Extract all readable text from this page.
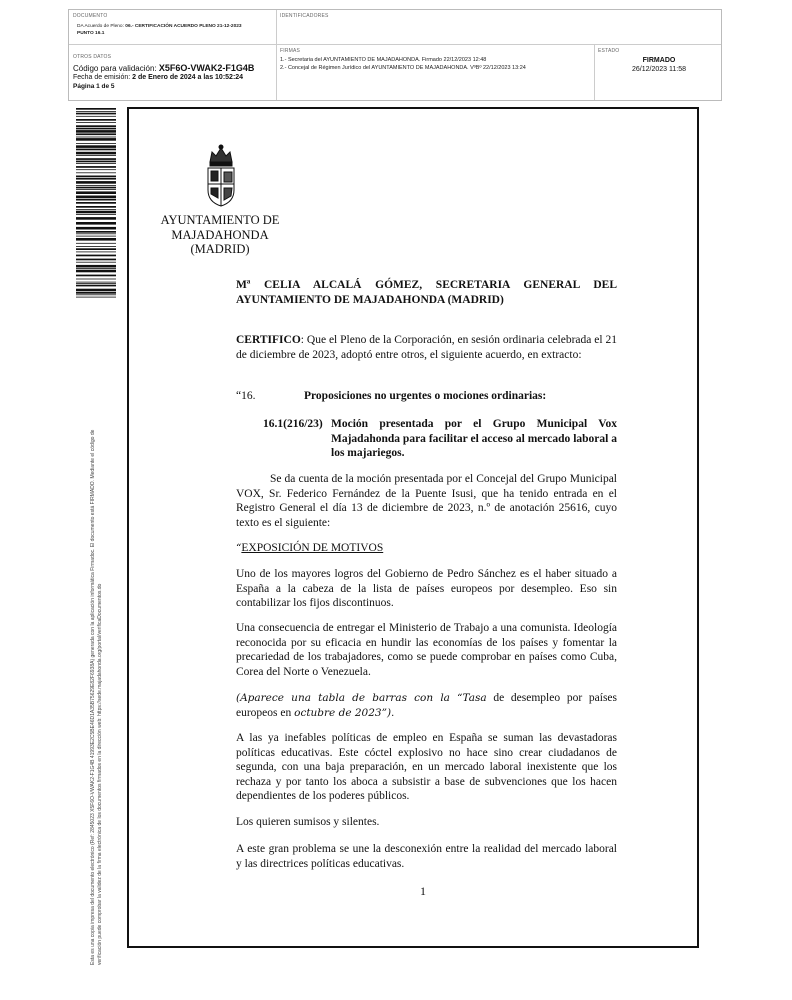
DOCUMENTO
DA Acuerdo de Pleno: 06.- CERTIFICACIÓN ACUERDO PLENO 21-12-2023
PUNTO 16.1
IDENTIFICADORES
OTROS DATOS
Código para validación: X5F6O-VWAK2-F1G4B
Fecha de emisión: 2 de Enero de 2024 a las 10:52:24
Página 1 de 5
FIRMAS
1.- Secretaria del AYUNTAMIENTO DE MAJADAHONDA. Firmado 22/12/2023 12:48
2.- Concejal de Régimen Jurídico del AYUNTAMIENTO DE MAJADAHONDA. VºBº 22/12/2023 13:24
ESTADO
FIRMADO
26/12/2023 11:58
Esta es una copia impresa del documento electrónico (Ref: 2845023 X5F6O-VWAK2-F1G4B 41993E2C5BE46D1A35B75629E82F6938A) generada con la aplicación informática Firmadoc. El documento está FIRMADO. Mediante el código de verificación puede comprobar la validez de la firma electrónica de los documentos firmados en la dirección web: https://sede.majadahonda.org/portal/verificaDocumentos.do
AYUNTAMIENTO DE
MAJADAHONDA
(MADRID)
Mª CELIA ALCALÁ GÓMEZ, SECRETARIA GENERAL DEL AYUNTAMIENTO DE MAJADAHONDA (MADRID)
CERTIFICO: Que el Pleno de la Corporación, en sesión ordinaria celebrada el 21 de diciembre de 2023, adoptó entre otros, el siguiente acuerdo, en extracto:
“16.	Proposiciones no urgentes o mociones ordinarias:
16.1(216/23) Moción presentada por el Grupo Municipal Vox Majadahonda para facilitar el acceso al mercado laboral a los majariegos.
Se da cuenta de la moción presentada por el Concejal del Grupo Municipal VOX, Sr. Federico Fernández de la Puente Isusi, que ha tenido entrada en el Registro General el día 13 de diciembre de 2023, n.º de anotación 25616, cuyo texto es el siguiente:
“EXPOSICIÓN DE MOTIVOS
Uno de los mayores logros del Gobierno de Pedro Sánchez es el haber situado a España a la cabeza de la lista de países europeos por desempleo. Eso sin contabilizar los fijos discontinuos.
Una consecuencia de entregar el Ministerio de Trabajo a una comunista. Ideología reconocida por su eficacia en hundir las economías de los países y fomentar la precariedad de los trabajadores, como se puede comprobar en países como Cuba, Corea del Norte o Venezuela.
(Aparece una tabla de barras con la “Tasa de desempleo por países europeos en octubre de 2023”).
A las ya inefables políticas de empleo en España se suman las devastadoras políticas educativas. Este cóctel explosivo no hace sino crear ciudadanos de segunda, con una baja preparación, en un mercado laboral inexistente que los rechaza y por tanto los aboca a subsistir a base de subvenciones que los hacen dependientes de los poderes públicos.
Los quieren sumisos y silentes.
A este gran problema se une la desconexión entre la realidad del mercado laboral y las directrices políticas educativas.
1
